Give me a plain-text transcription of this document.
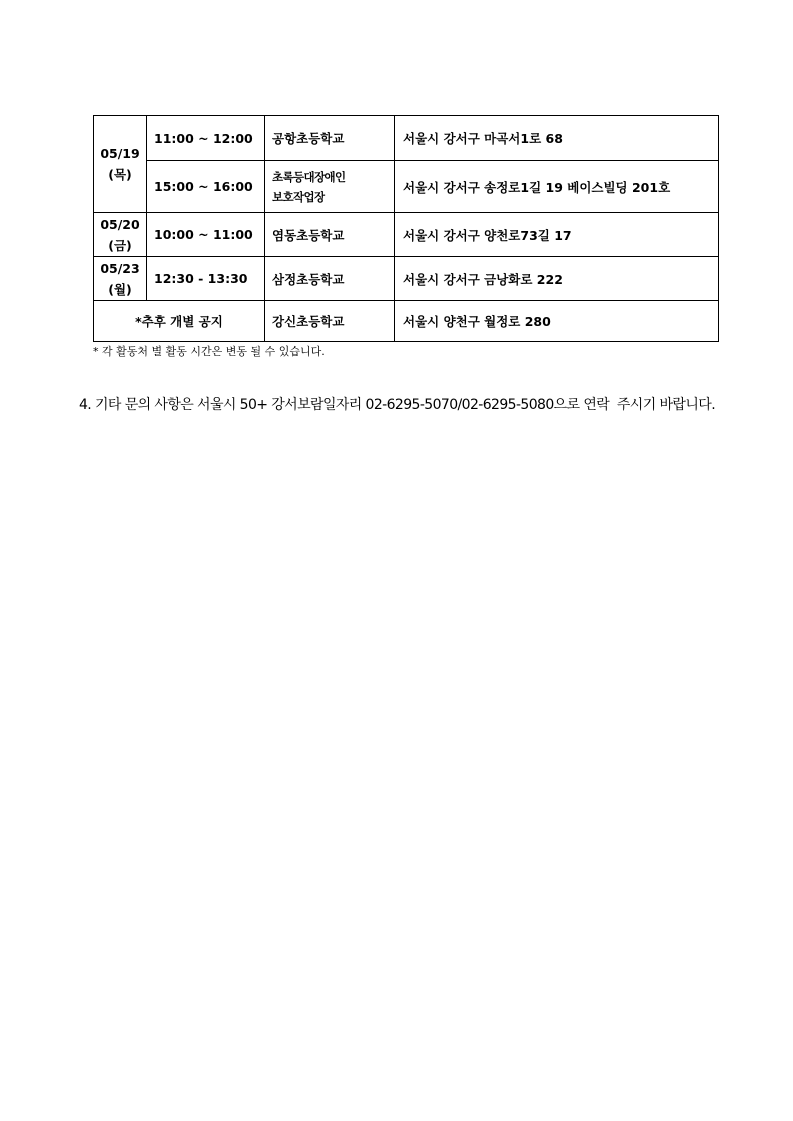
05/19
(목)	11:00 ~ 12:00	공항초등학교	서울시 강서구 마곡서1로 68
	15:00 ~ 16:00	초록등대장애인
보호작업장	서울시 강서구 송정로1길 19 베이스빌딩 201호

05/20
(금)	10:00 ~ 11:00	염동초등학교	서울시 강서구 양천로73길 17

05/23
(월)	12:30 - 13:30	삼정초등학교	서울시 강서구 금낭화로 222
*추후 개별 공지		강신초등학교	서울시 양천구 월정로 280
* 각 활동처 별 활동 시간은 변동 될 수 있습니다.
4. 기타 문의 사항은 서울시 50+ 강서보람일자리 02-6295-5070/02-6295-5080으로 연락  주시기 바랍니다.
